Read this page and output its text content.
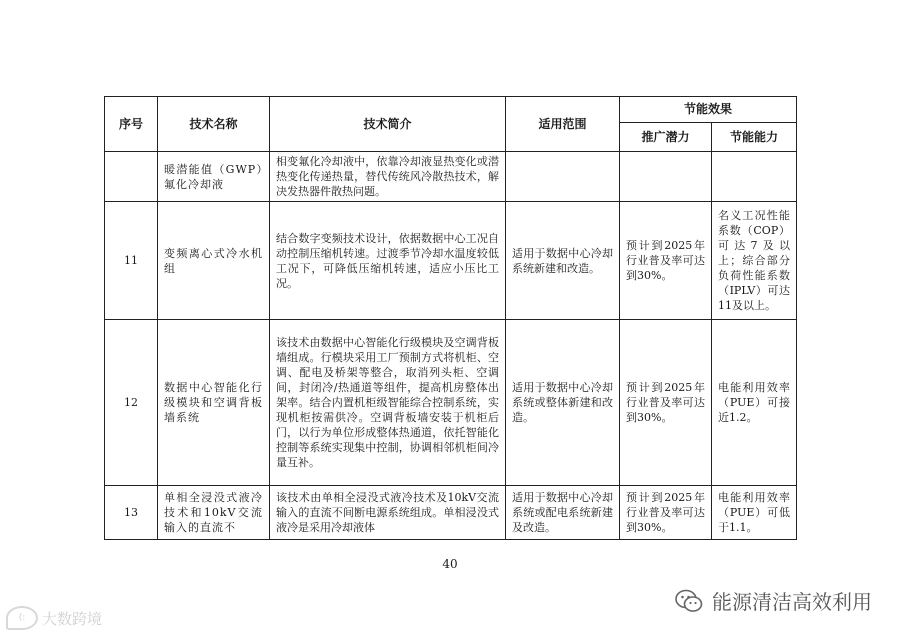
序号	技术名称	技术简介	适用范围	节能效果	
				推广潜力	节能能力
	暖潜能值（GWP）氟化冷却液	相变氟化冷却液中，依靠冷却液显热变化或潜热变化传递热量，替代传统风冷散热技术，解决发热器件散热问题。			
11	变频离心式冷水机组	结合数字变频技术设计，依据数据中心工况自动控制压缩机转速。过渡季节冷却水温度较低工况下，可降低压缩机转速，适应小压比工况。	适用于数据中心冷却系统新建和改造。	预计到2025年行业普及率可达到30%。	名义工况性能系数（COP）可达7及以上；综合部分负荷性能系数（IPLV）可达11及以上。
12	数据中心智能化行级模块和空调背板墙系统	该技术由数据中心智能化行级模块及空调背板墙组成。行模块采用工厂预制方式将机柜、空调、配电及桥架等整合，取消列头柜、空调间，封闭冷/热通道等组件，提高机房整体出架率。结合内置机柜级智能综合控制系统，实现机柜按需供冷。空调背板墙安装于机柜后门，以行为单位形成整体热通道，依托智能化控制等系统实现集中控制，协调相邻机柜间冷量互补。	适用于数据中心冷却系统或整体新建和改造。	预计到2025年行业普及率可达到30%。	电能利用效率（PUE）可接近1.2。
13	单相全浸没式液冷技术和10kV交流输入的直流不	该技术由单相全浸没式液冷技术及10kV交流输入的直流不间断电源系统组成。单相浸没式液冷是采用冷却液体	适用于数据中心冷却系统或配电系统新建及改造。	预计到2025年行业普及率可达到30%。	电能利用效率（PUE）可低于1.1。
40
(:	大数跨境
能源清洁高效利用
